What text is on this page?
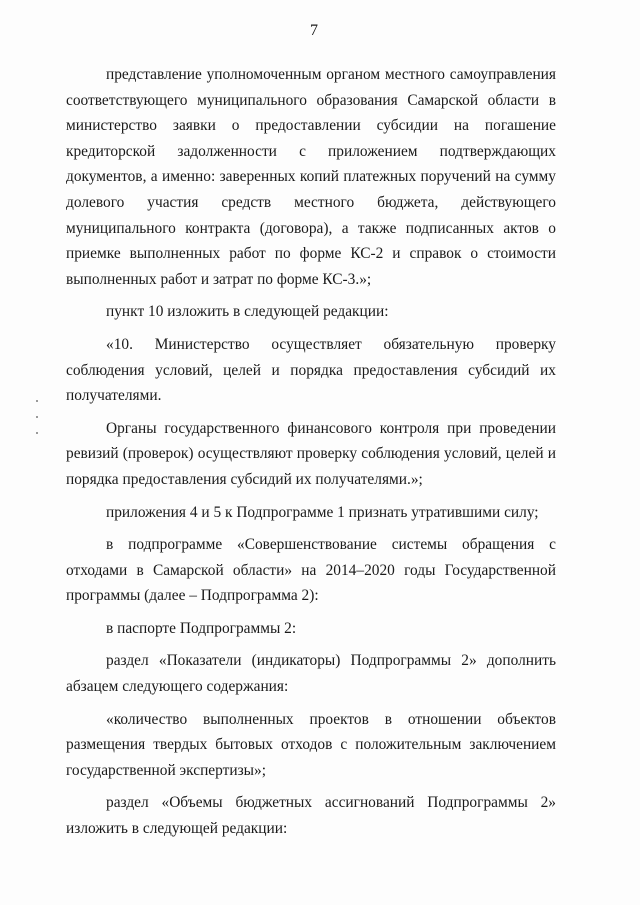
7

представление уполномоченным органом местного самоуправления соответствующего муниципального образования Самарской области в министерство заявки о предоставлении субсидии на погашение кредиторской задолженности с приложением подтверждающих документов, а именно: заверенных копий платежных поручений на сумму долевого участия средств местного бюджета, действующего муниципального контракта (договора), а также подписанных актов о приемке выполненных работ по форме КС-2 и справок о стоимости выполненных работ и затрат по форме КС-3.»;

пункт 10 изложить в следующей редакции:

«10. Министерство осуществляет обязательную проверку соблюдения условий, целей и порядка предоставления субсидий их получателями.

Органы государственного финансового контроля при проведении ревизий (проверок) осуществляют проверку соблюдения условий, целей и порядка предоставления субсидий их получателями.»;

приложения 4 и 5 к Подпрограмме 1 признать утратившими силу;

в подпрограмме «Совершенствование системы обращения с отходами в Самарской области» на 2014–2020 годы Государственной программы (далее – Подпрограмма 2):

в паспорте Подпрограммы 2:

раздел «Показатели (индикаторы) Подпрограммы 2» дополнить абзацем следующего содержания:

«количество выполненных проектов в отношении объектов размещения твердых бытовых отходов с положительным заключением государственной экспертизы»;

раздел «Объемы бюджетных ассигнований Подпрограммы 2» изложить в следующей редакции:
